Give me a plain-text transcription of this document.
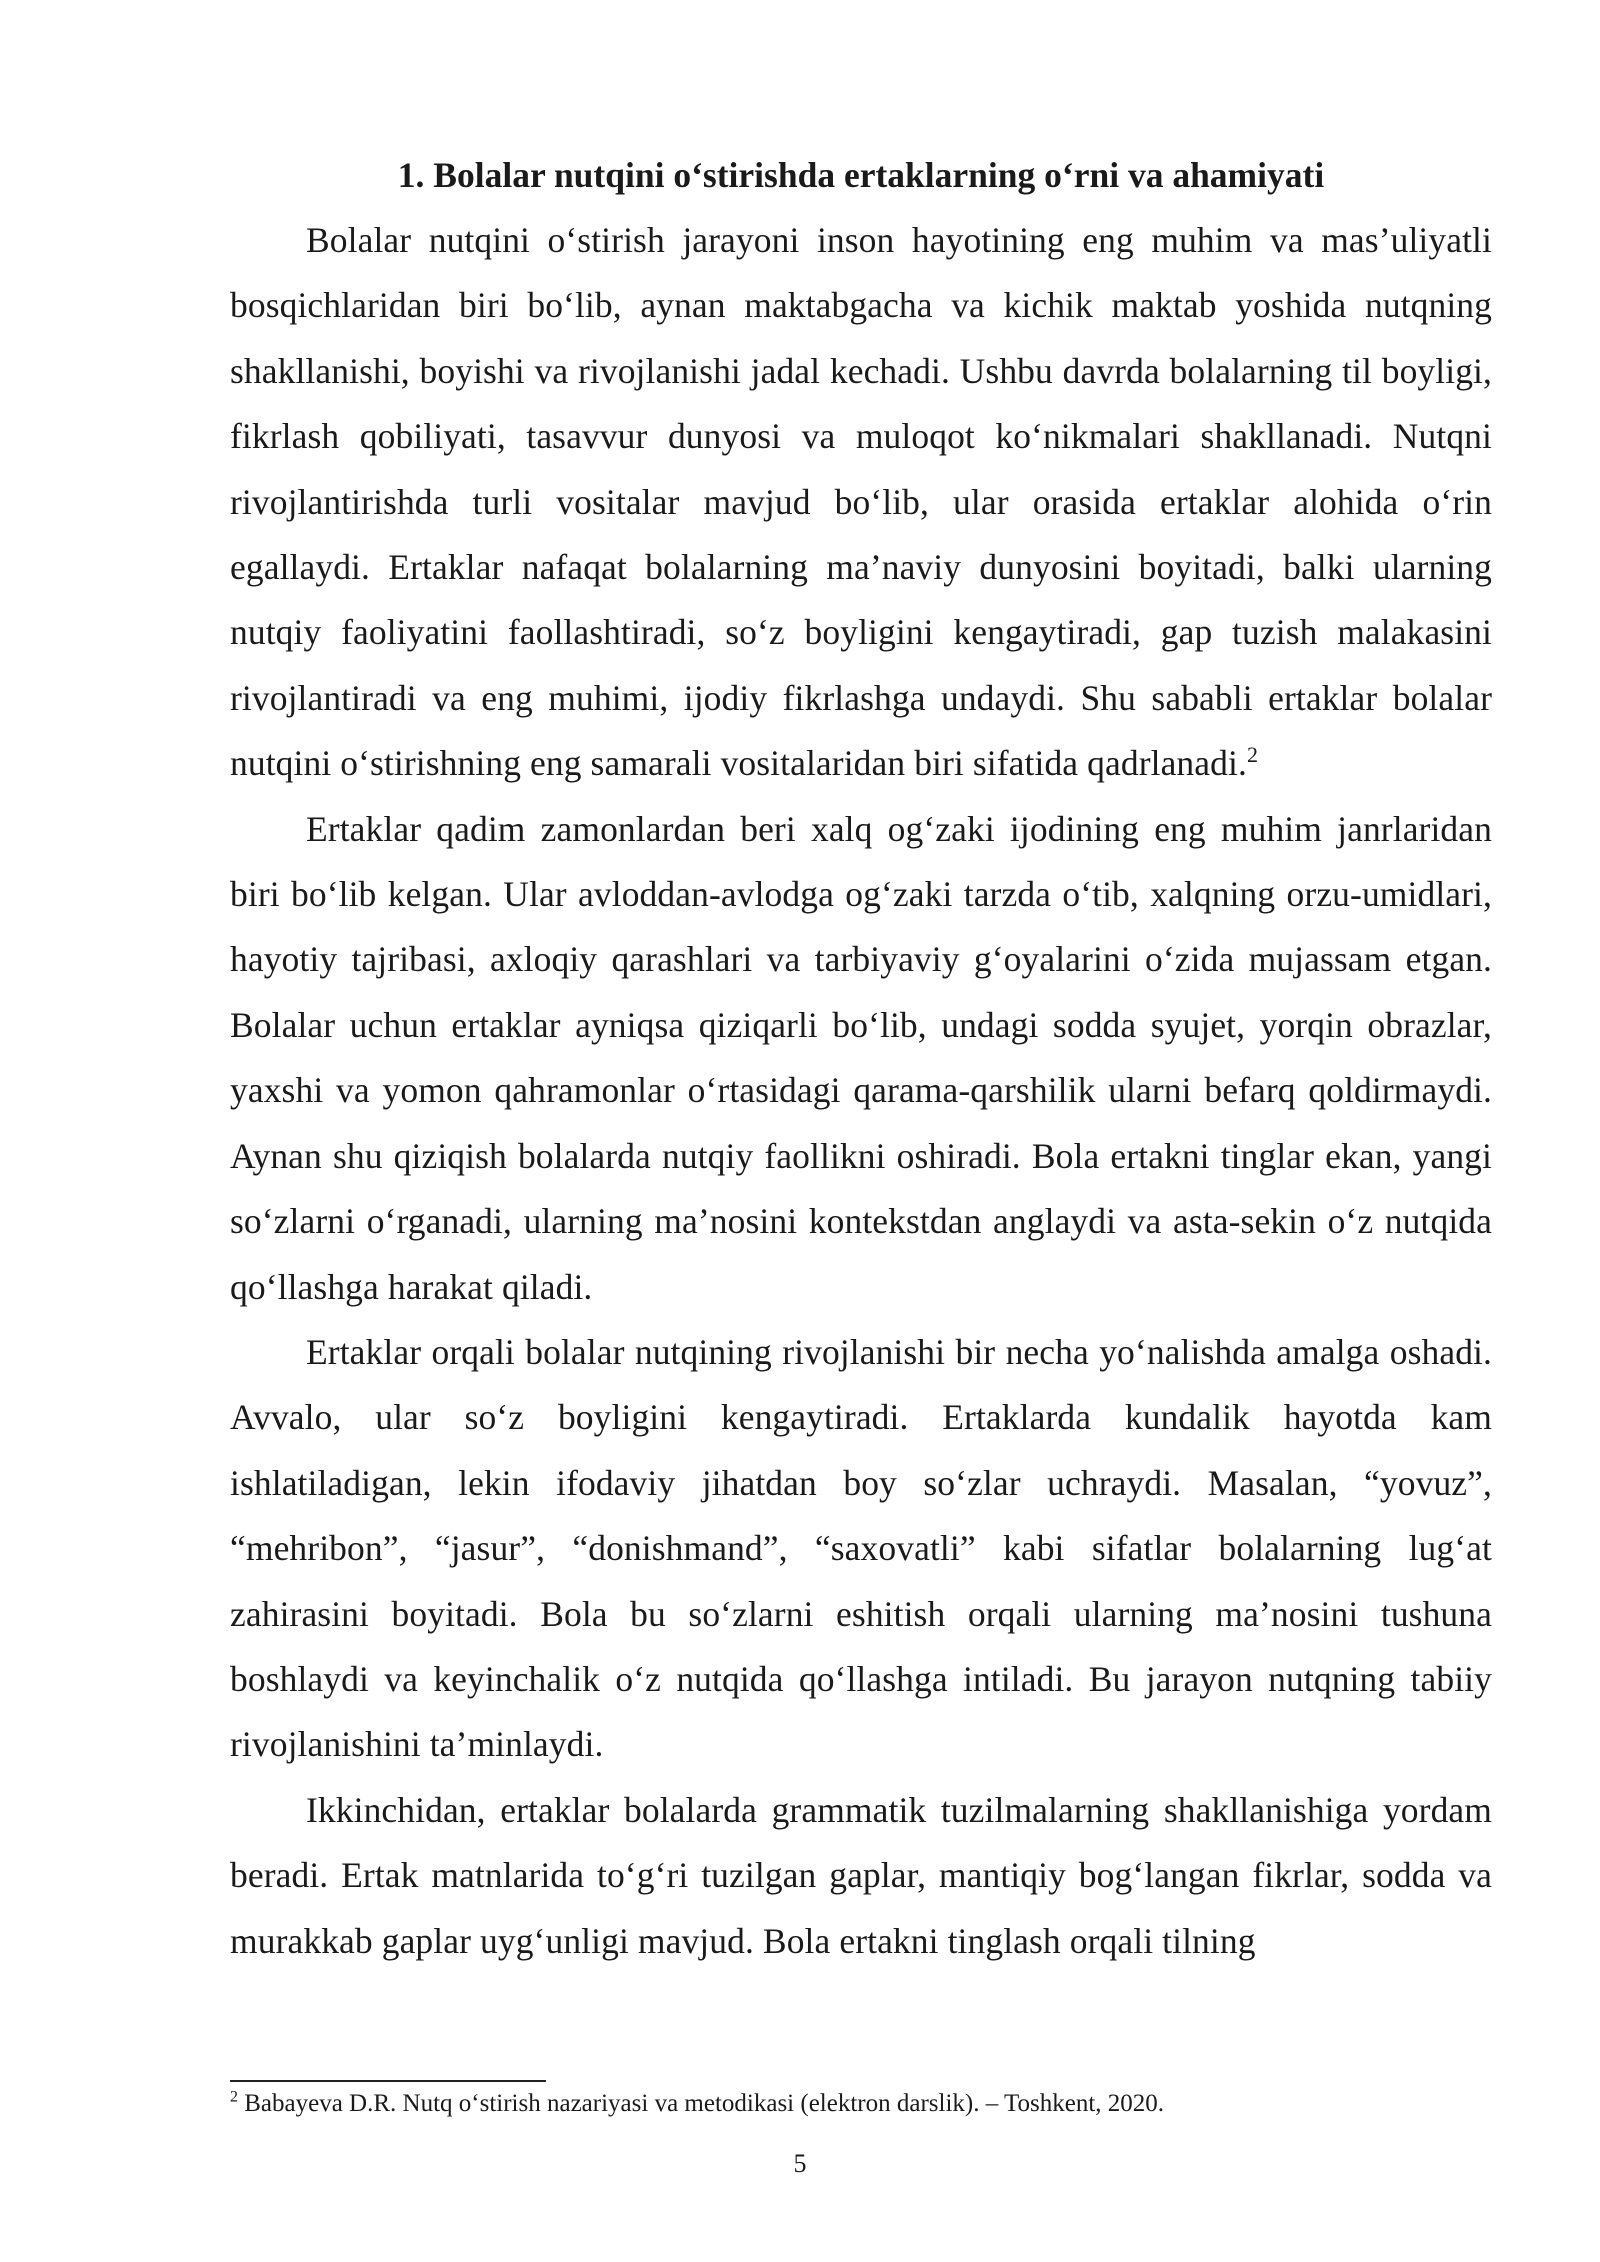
1. Bolalar nutqini o‘stirishda ertaklarning o‘rni va ahamiyati

Bolalar nutqini o‘stirish jarayoni inson hayotining eng muhim va mas’uliyatli bosqichlaridan biri bo‘lib, aynan maktabgacha va kichik maktab yoshida nutqning shakllanishi, boyishi va rivojlanishi jadal kechadi. Ushbu davrda bolalarning til boyligi, fikrlash qobiliyati, tasavvur dunyosi va muloqot ko‘nikmalari shakllanadi. Nutqni rivojlantirishda turli vositalar mavjud bo‘lib, ular orasida ertaklar alohida o‘rin egallaydi. Ertaklar nafaqat bolalarning ma’naviy dunyosini boyitadi, balki ularning nutqiy faoliyatini faollashtiradi, so‘z boyligini kengaytiradi, gap tuzish malakasini rivojlantiradi va eng muhimi, ijodiy fikrlashga undaydi. Shu sababli ertaklar bolalar nutqini o‘stirishning eng samarali vositalaridan biri sifatida qadrlanadi.$^2$

Ertaklar qadim zamonlardan beri xalq og‘zaki ijodining eng muhim janrlaridan biri bo‘lib kelgan. Ular avloddan-avlodga og‘zaki tarzda o‘tib, xalqning orzu-umidlari, hayotiy tajribasi, axloqiy qarashlari va tarbiyaviy g‘oyalarini o‘zida mujassam etgan. Bolalar uchun ertaklar ayniqsa qiziqarli bo‘lib, undagi sodda syujet, yorqin obrazlar, yaxshi va yomon qahramonlar o‘rtasidagi qarama-qarshilik ularni befarq qoldirmaydi. Aynan shu qiziqish bolalarda nutqiy faollikni oshiradi. Bola ertakni tinglar ekan, yangi so‘zlarni o‘rganadi, ularning ma’nosini kontekstdan anglaydi va asta-sekin o‘z nutqida qo‘llashga harakat qiladi.

Ertaklar orqali bolalar nutqining rivojlanishi bir necha yo‘nalishda amalga oshadi. Avvalo, ular so‘z boyligini kengaytiradi. Ertaklarda kundalik hayotda kam ishlatiladigan, lekin ifodaviy jihatdan boy so‘zlar uchraydi. Masalan, “yovuz”, “mehribon”, “jasur”, “donishmand”, “saxovatli” kabi sifatlar bolalarning lug‘at zahirasini boyitadi. Bola bu so‘zlarni eshitish orqali ularning ma’nosini tushuna boshlaydi va keyinchalik o‘z nutqida qo‘llashga intiladi. Bu jarayon nutqning tabiiy rivojlanishini ta’minlaydi.

Ikkinchidan, ertaklar bolalarda grammatik tuzilmalarning shakllanishiga yordam beradi. Ertak matnlarida to‘g‘ri tuzilgan gaplar, mantiqiy bog‘langan fikrlar, sodda va murakkab gaplar uyg‘unligi mavjud. Bola ertakni tinglash orqali tilning

$^2$ Babayeva D.R. Nutq o‘stirish nazariyasi va metodikasi (elektron darslik). – Toshkent, 2020.

5
